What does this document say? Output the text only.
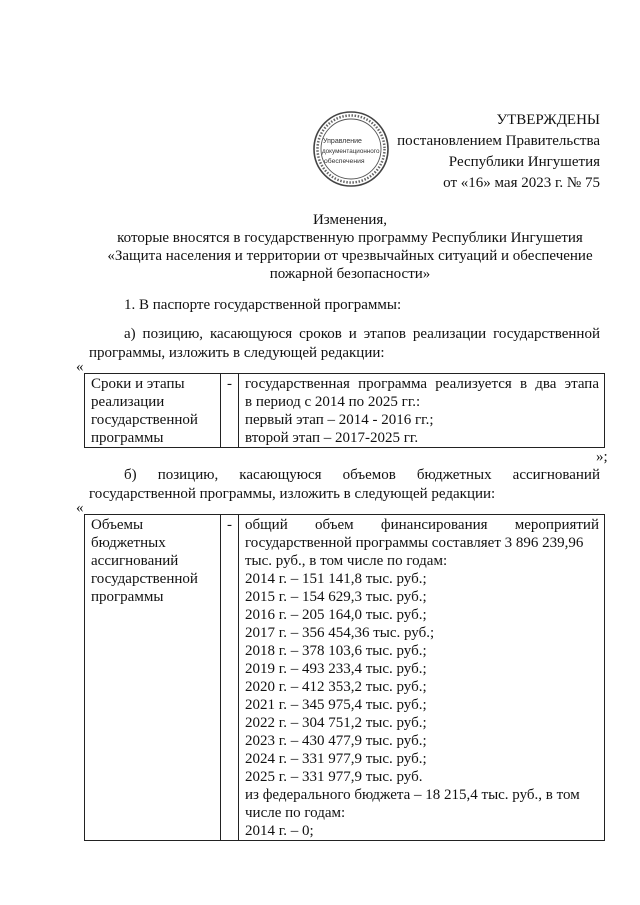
УТВЕРЖДЕНЫ
постановлением Правительства
Республики Ингушетия
от «16» мая 2023 г. № 75
Управление
документационного
обеспечения
Изменения,
которые вносятся в государственную программу Республики Ингушетия
«Защита населения и территории от чрезвычайных ситуаций и обеспечение
пожарной безопасности»
1. В паспорте государственной программы:
а) позицию, касающуюся сроков и этапов реализации государственной
программы, изложить в следующей редакции:
«
Сроки и этапы
реализации
государственной
программы
	-	государственная программа реализуется в два этапа
в период с 2014 по 2025 гг.:
первый этап – 2014 - 2016 гг.;
второй этап – 2017-2025 гг.
»;
б) позицию, касающуюся объемов бюджетных ассигнований
государственной программы, изложить в следующей редакции:
«
Объемы
бюджетных
ассигнований
государственной
программы
	-	общий объем финансирования мероприятий
государственной программы составляет 3 896 239,96
тыс. руб., в том числе по годам:
2014 г. – 151 141,8 тыс. руб.;
2015 г. – 154 629,3 тыс. руб.;
2016 г. – 205 164,0 тыс. руб.;
2017 г. – 356 454,36 тыс. руб.;
2018 г. – 378 103,6 тыс. руб.;
2019 г. – 493 233,4 тыс. руб.;
2020 г. – 412 353,2 тыс. руб.;
2021 г. – 345 975,4 тыс. руб.;
2022 г. – 304 751,2 тыс. руб.;
2023 г. – 430 477,9 тыс. руб.;
2024 г. – 331 977,9 тыс. руб.;
2025 г. – 331 977,9 тыс. руб.
из федерального бюджета – 18 215,4 тыс. руб., в том
числе по годам:
2014 г. – 0;
